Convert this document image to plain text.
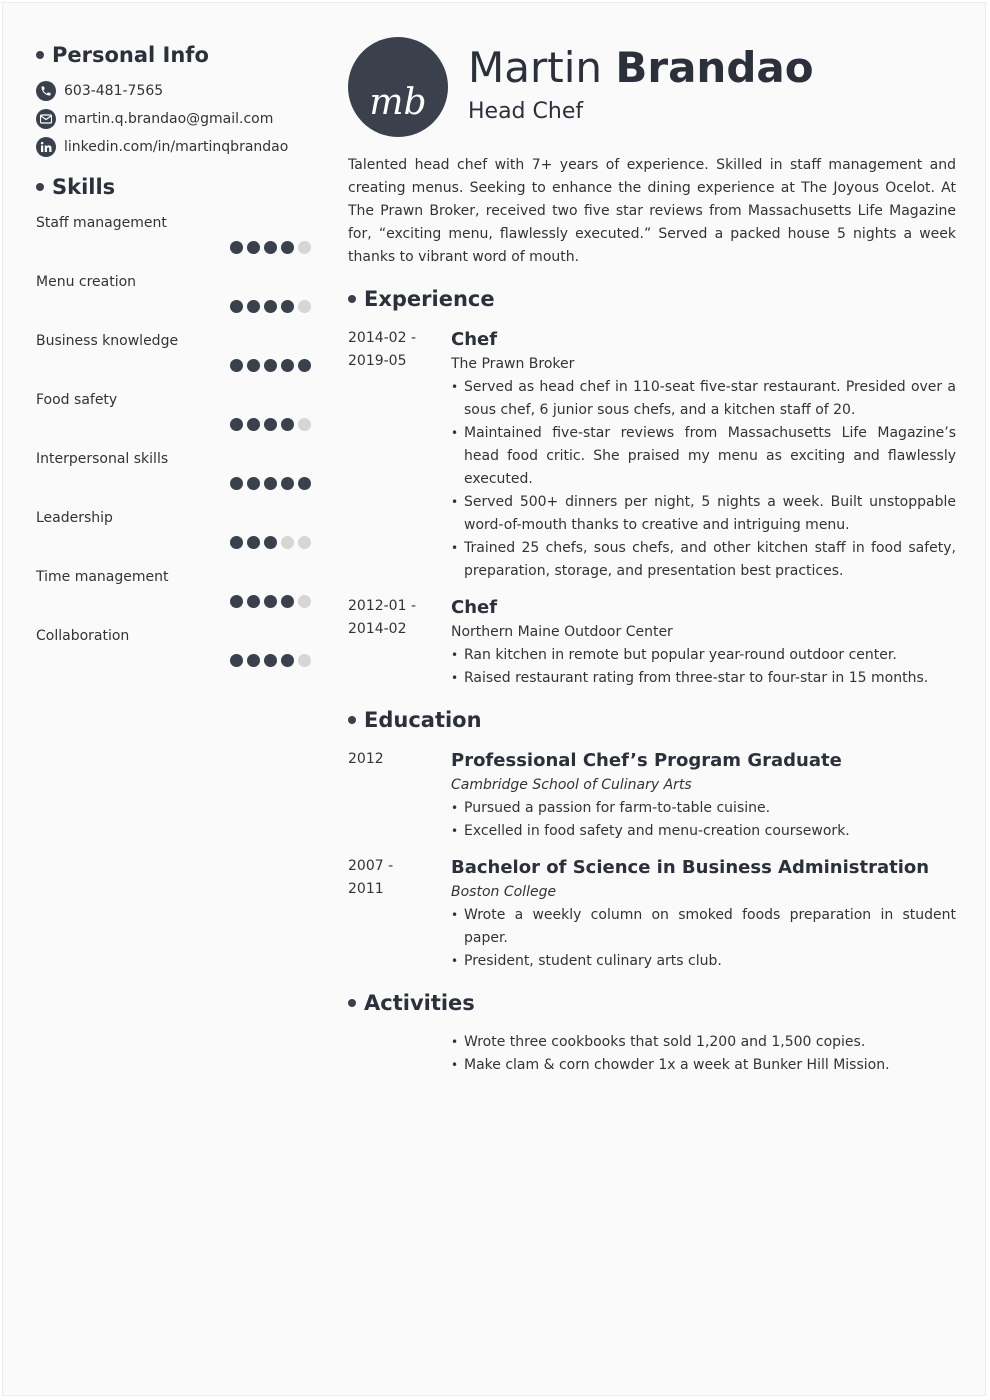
Personal Info
603-481-7565
martin.q.brandao@gmail.com
linkedin.com/in/martinqbrandao
Skills
Staff management
Menu creation
Business knowledge
Food safety
Interpersonal skills
Leadership
Time management
Collaboration
mb
Martin Brandao
Head Chef
Talented head chef with 7+ years of experience. Skilled in staff management and creating menus. Seeking to enhance the dining experience at The Joyous Ocelot. At The Prawn Broker, received two five star reviews from Massachusetts Life Magazine for, “exciting menu, flawlessly executed.” Served a packed house 5 nights a week thanks to vibrant word of mouth.
Experience
2014-02 -
2019-05
Chef
The Prawn Broker
• Served as head chef in 110-seat five-star restaurant. Presided over a sous chef, 6 junior sous chefs, and a kitchen staff of 20.
• Maintained five-star reviews from Massachusetts Life Magazine’s head food critic. She praised my menu as exciting and flawlessly executed.
• Served 500+ dinners per night, 5 nights a week. Built unstoppable word-of-mouth thanks to creative and intriguing menu.
• Trained 25 chefs, sous chefs, and other kitchen staff in food safety, preparation, storage, and presentation best practices.
2012-01 -
2014-02
Chef
Northern Maine Outdoor Center
• Ran kitchen in remote but popular year-round outdoor center.
• Raised restaurant rating from three-star to four-star in 15 months.
Education
2012	Professional Chef’s Program Graduate
Cambridge School of Culinary Arts
• Pursued a passion for farm-to-table cuisine.
• Excelled in food safety and menu-creation coursework.
2007 -
2011
Bachelor of Science in Business Administration
Boston College
• Wrote a weekly column on smoked foods preparation in student paper.
• President, student culinary arts club.
Activities
• Wrote three cookbooks that sold 1,200 and 1,500 copies.
• Make clam & corn chowder 1x a week at Bunker Hill Mission.
